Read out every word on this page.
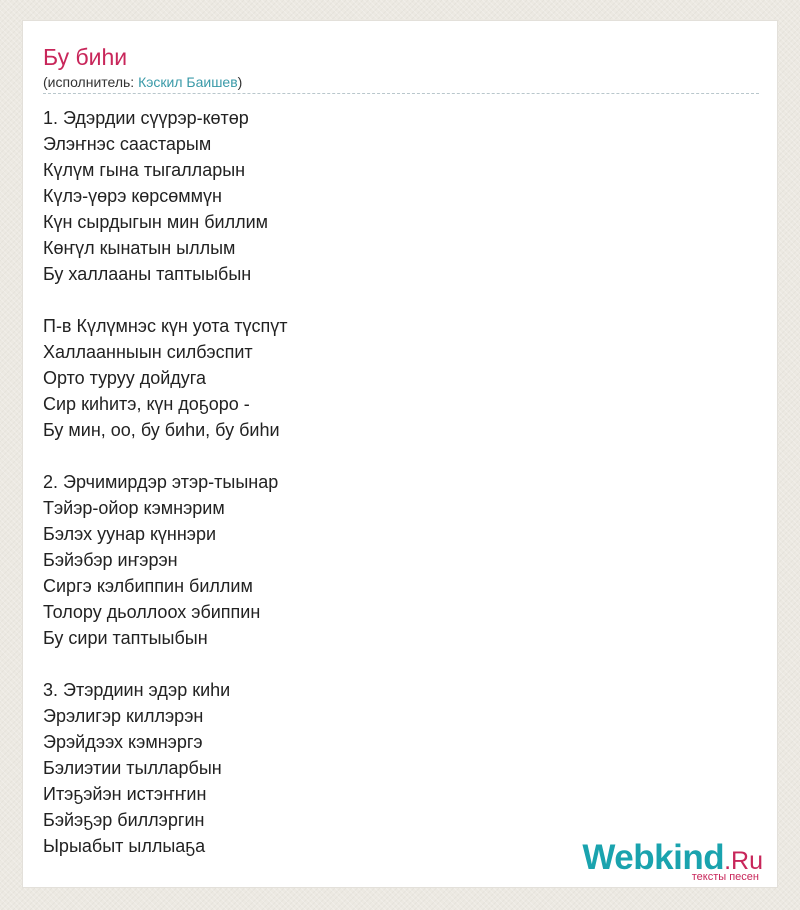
Бу биһи
(исполнитель: Кэскил Баишев)
1. Эдэрдии сүүрэр-көтөр
Элэҥнэс саастарым
Күлүм гына тыгалларын
Күлэ-үөрэ көрсөммүн
Күн сырдыгын мин биллим
Көҥүл кынатын ыллым
Бу халлааны таптыыбын
П-в Күлүмнэс күн уота түспүт
Халлаанныын силбэспит
Орто туруу дойдуга
Сир киһитэ, күн доҕоро -
Бу мин, оо, бу биһи, бу биһи
2. Эрчимирдэр этэр-тыынар
Тэйэр-ойор кэмнэрим
Бэлэх уунар күннэри
Бэйэбэр иҥэрэн
Сиргэ кэлбиппин биллим
Толору дьоллоох эбиппин
Бу сири таптыыбын
3. Этэрдиин эдэр киһи
Эрэлигэр киллэрэн
Эрэйдээх кэмнэргэ
Бэлиэтии тылларбын
Итэҕэйэн истэҥҥин
Бэйэҕэр биллэргин
Ырыабыт ыллыаҕа	Webkind.Ru
тексты песен
